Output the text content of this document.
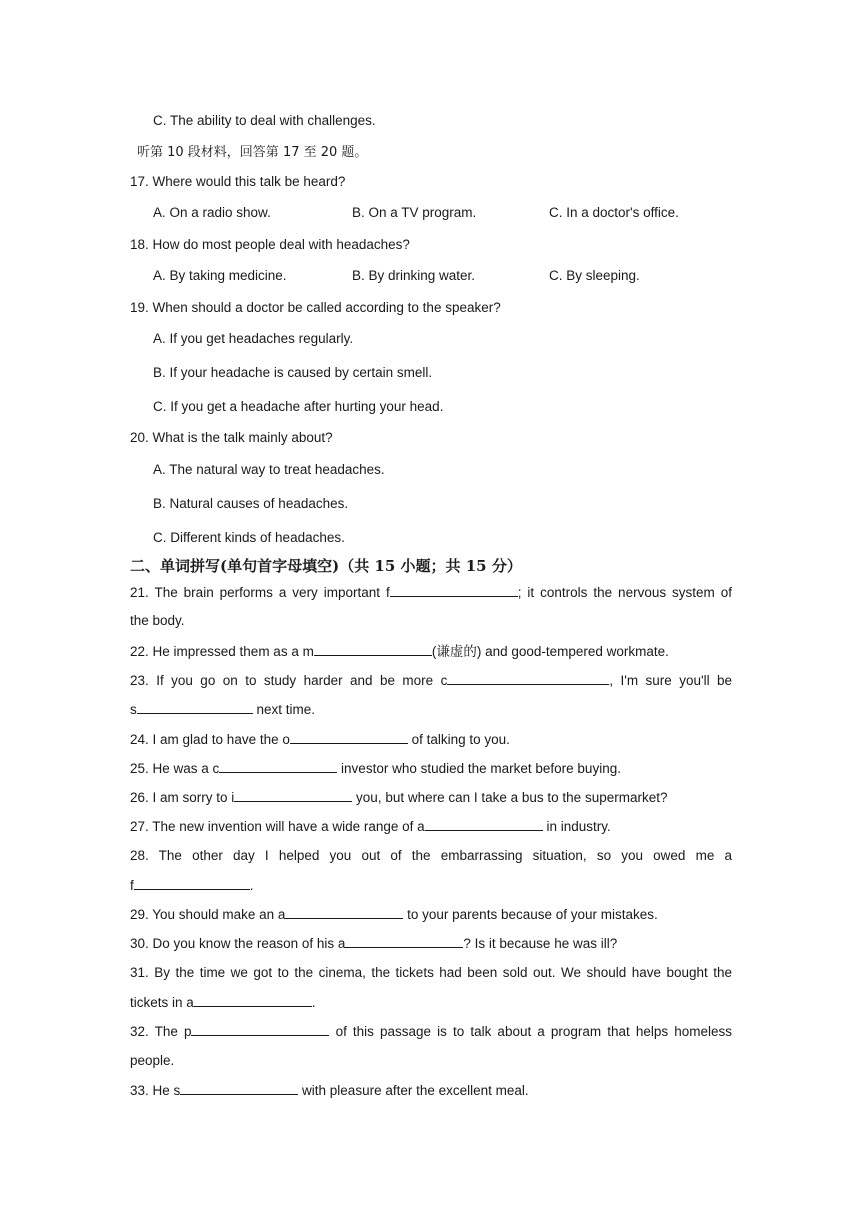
C. The ability to deal with challenges.
听第 10 段材料，回答第 17 至 20 题。
17. Where would this talk be heard?
A. On a radio show.	B. On a TV program.	C. In a doctor's office.
18. How do most people deal with headaches?
A. By taking medicine.	B. By drinking water.	C. By sleeping.
19. When should a doctor be called according to the speaker?
A. If you get headaches regularly.
B. If your headache is caused by certain smell.
C. If you get a headache after hurting your head.
20. What is the talk mainly about?
A. The natural way to treat headaches.
B. Natural causes of headaches.
C. Different kinds of headaches.
二、单词拼写(单句首字母填空)（共 15 小题；共 15 分）
21. The brain performs a very important f	; it controls the nervous system of
the body.
22. He impressed them as a m	(谦虚的) and good-tempered workmate.
23. If you go on to study harder and be more c	, I'm sure you'll be
s	next time.
24. I am glad to have the o	of talking to you.
25. He was a c	investor who studied the market before buying.
26. I am sorry to i	you, but where can I take a bus to the supermarket?
27. The new invention will have a wide range of a	in industry.
28. The other day I helped you out of the embarrassing situation, so you owed me a
f	.
29. You should make an a	to your parents because of your mistakes.
30. Do you know the reason of his a	? Is it because he was ill?
31. By the time we got to the cinema, the tickets had been sold out. We should have bought the
tickets in a	.
32. The p	of this passage is to talk about a program that helps homeless
people.
33. He s	with pleasure after the excellent meal.
